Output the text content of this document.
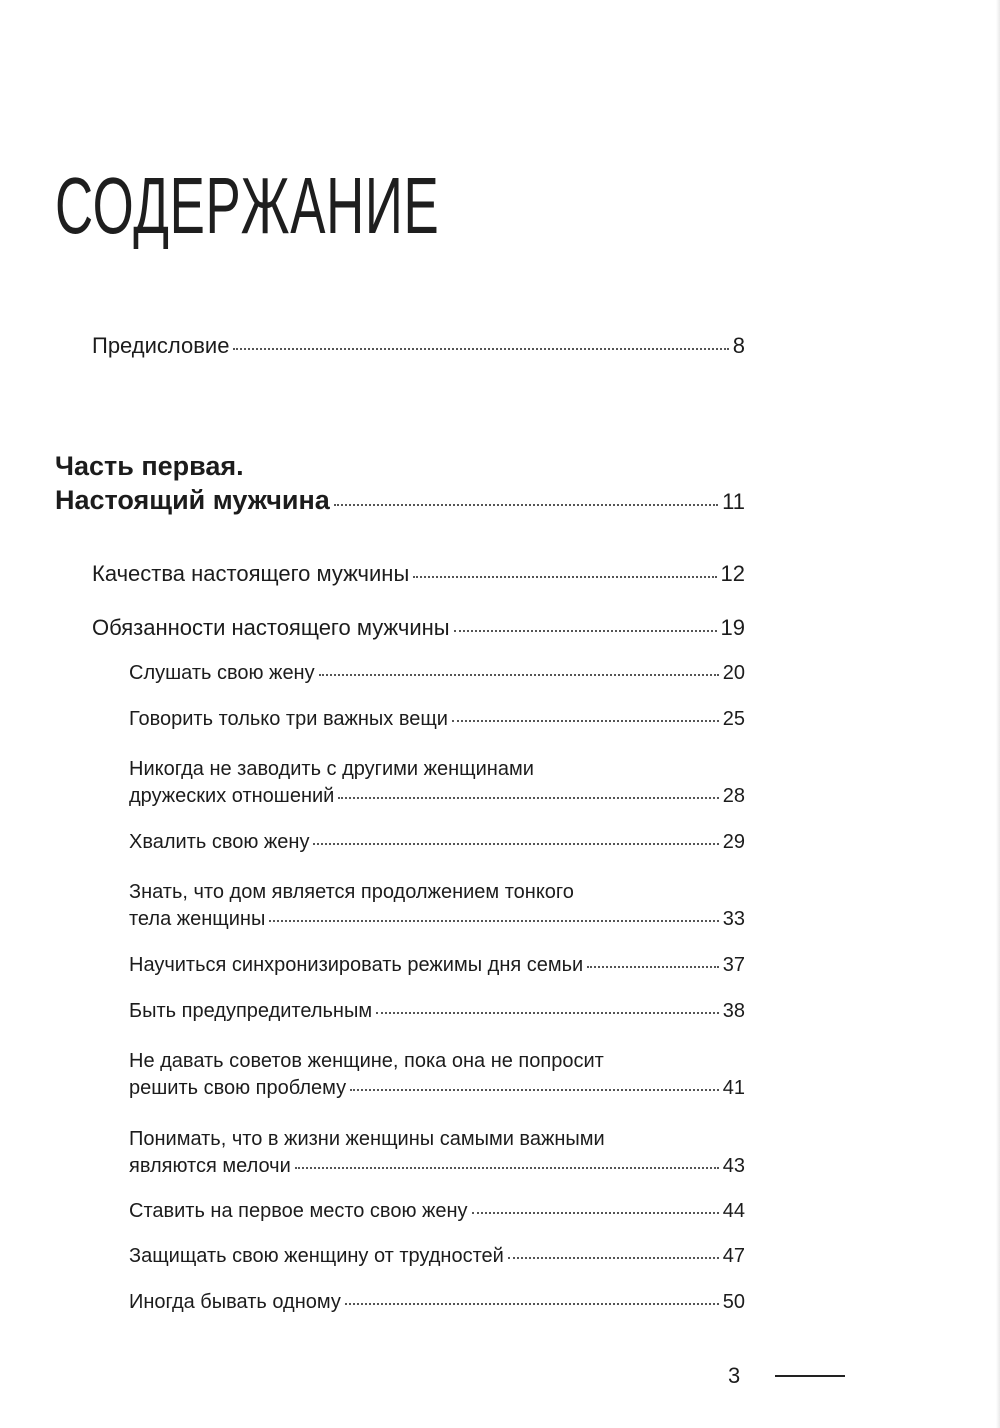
СОДЕРЖАНИЕ
Предисловие	8
Часть первая.
Настоящий мужчина	11
Качества настоящего мужчины	12
Обязанности настоящего мужчины	19
Слушать свою жену	20
Говорить только три важных вещи	25
Никогда не заводить с другими женщинами
дружеских отношений	28
Хвалить свою жену	29
Знать, что дом является продолжением тонкого
тела женщины	33
Научиться синхронизировать режимы дня семьи	37
Быть предупредительным	38
Не давать советов женщине, пока она не попросит
решить свою проблему	41
Понимать, что в жизни женщины самыми важными
являются мелочи	43
Ставить на первое место свою жену	44
Защищать свою женщину от трудностей	47
Иногда бывать одному	50
3
